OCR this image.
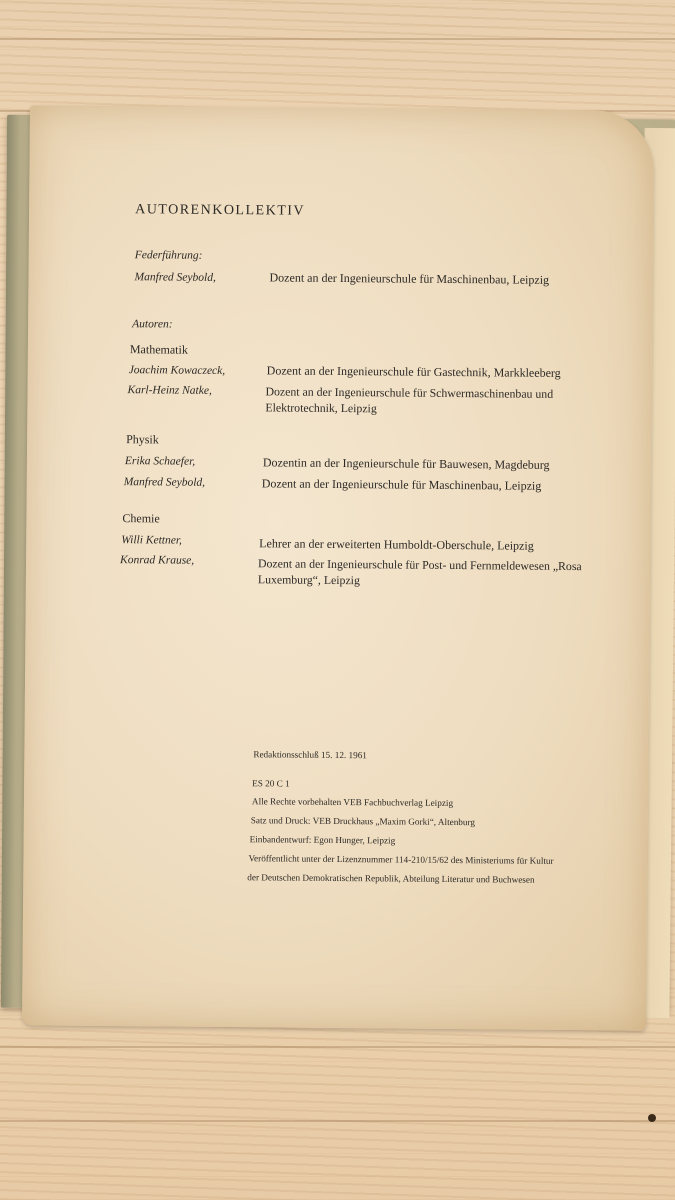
AUTORENKOLLEKTIV
Federführung:
Manfred Seybold,	Dozent an der Ingenieurschule für Maschinenbau, Leipzig
Autoren:
Mathematik
Joachim Kowaczeck,	Dozent an der Ingenieurschule für Gastechnik, Markkleeberg
Karl-Heinz Natke,	Dozent an der Ingenieurschule für Schwermaschinenbau und Elektrotechnik, Leipzig
Physik
Erika Schaefer,	Dozentin an der Ingenieurschule für Bauwesen, Magdeburg
Manfred Seybold,	Dozent an der Ingenieurschule für Maschinenbau, Leipzig
Chemie
Willi Kettner,	Lehrer an der erweiterten Humboldt-Oberschule, Leipzig
Konrad Krause,	Dozent an der Ingenieurschule für Post- und Fernmeldewesen „Rosa Luxemburg“, Leipzig
Redaktionsschluß 15. 12. 1961
ES 20 C 1
Alle Rechte vorbehalten VEB Fachbuchverlag Leipzig
Satz und Druck: VEB Druckhaus „Maxim Gorki“, Altenburg
Einbandentwurf: Egon Hunger, Leipzig
Veröffentlicht unter der Lizenznummer 114-210/15/62 des Ministeriums für Kultur
der Deutschen Demokratischen Republik, Abteilung Literatur und Buchwesen
